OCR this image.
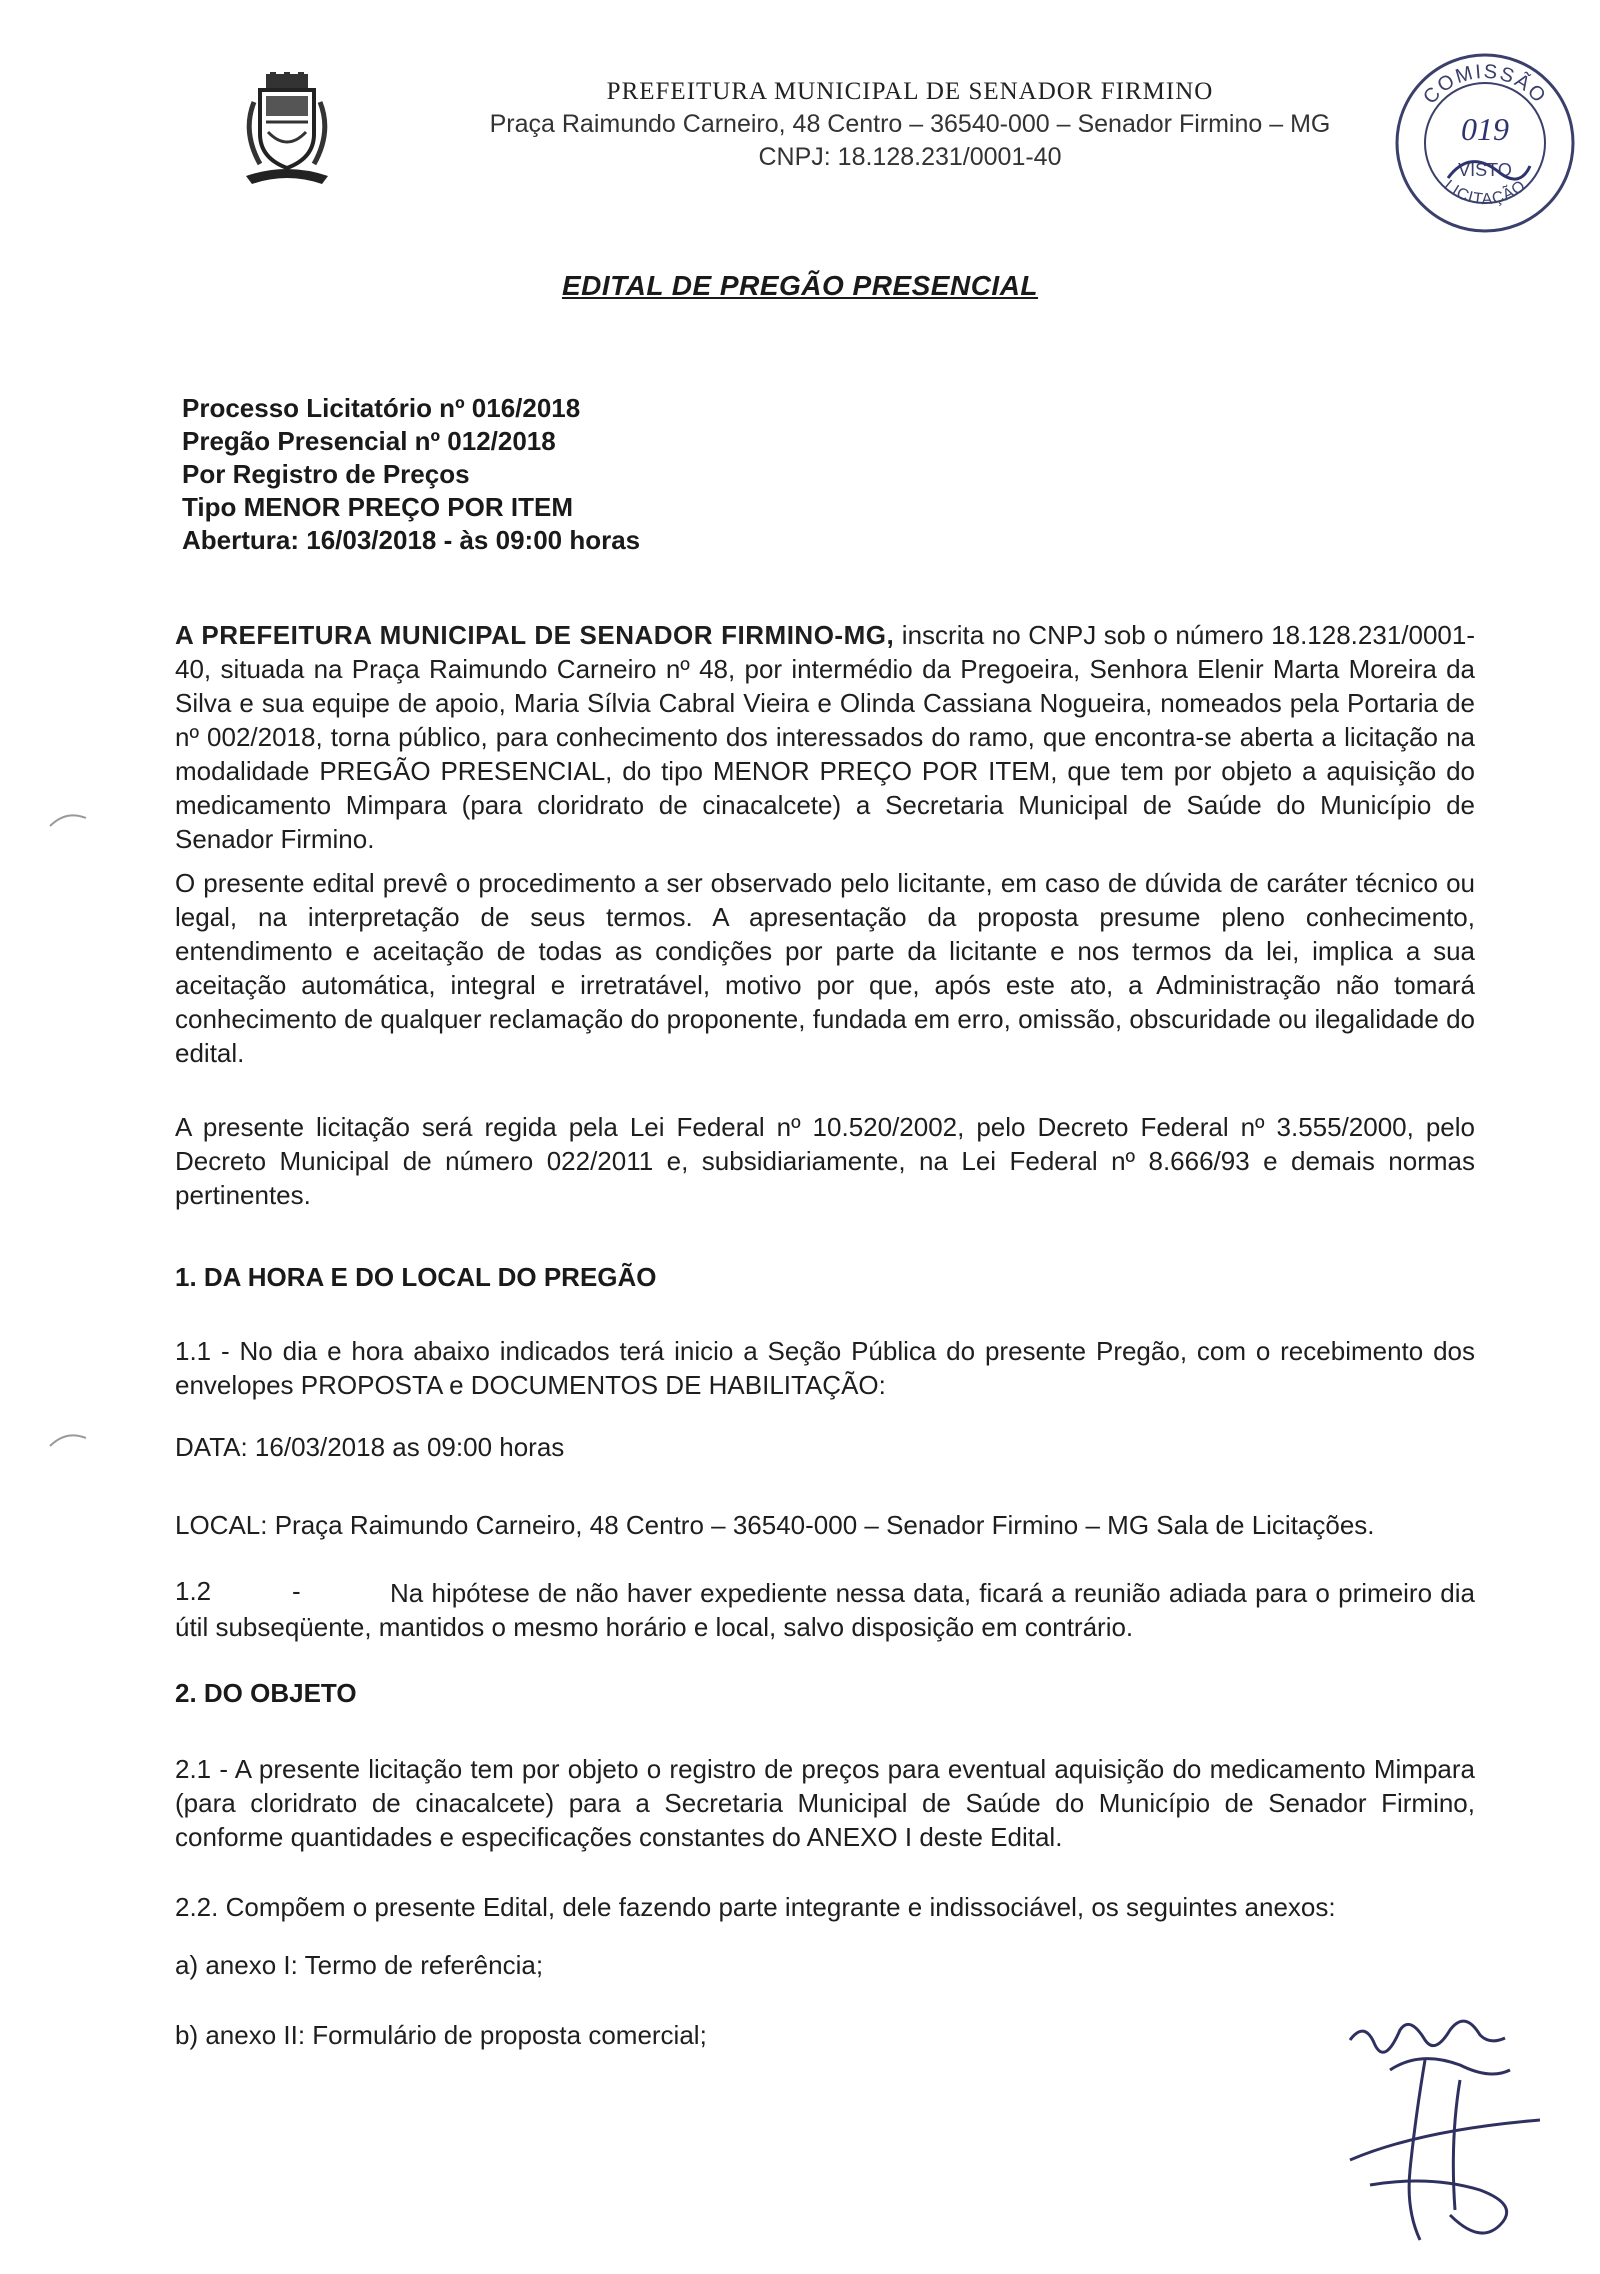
PREFEITURA MUNICIPAL DE SENADOR FIRMINO
Praça Raimundo Carneiro, 48 Centro – 36540-000 – Senador Firmino – MG
CNPJ: 18.128.231/0001-40
COMISSÃO
LICITAÇÃO
019
VISTO
EDITAL DE PREGÃO PRESENCIAL
Processo Licitatório nº 016/2018
Pregão Presencial nº 012/2018
Por Registro de Preços
Tipo MENOR PREÇO POR ITEM
Abertura: 16/03/2018 - às 09:00 horas
A PREFEITURA MUNICIPAL DE SENADOR FIRMINO-MG, inscrita no CNPJ sob o número 18.128.231/0001-40, situada na Praça Raimundo Carneiro nº 48, por intermédio da Pregoeira, Senhora Elenir Marta Moreira da Silva e sua equipe de apoio, Maria Sílvia Cabral Vieira e Olinda Cassiana Nogueira, nomeados pela Portaria de nº 002/2018, torna público, para conhecimento dos interessados do ramo, que encontra-se aberta a licitação na modalidade PREGÃO PRESENCIAL, do tipo MENOR PREÇO POR ITEM, que tem por objeto a aquisição do medicamento Mimpara (para cloridrato de cinacalcete) a Secretaria Municipal de Saúde do Município de Senador Firmino.
O presente edital prevê o procedimento a ser observado pelo licitante, em caso de dúvida de caráter técnico ou legal, na interpretação de seus termos. A apresentação da proposta presume pleno conhecimento, entendimento e aceitação de todas as condições por parte da licitante e nos termos da lei, implica a sua aceitação automática, integral e irretratável, motivo por que, após este ato, a Administração não tomará conhecimento de qualquer reclamação do proponente, fundada em erro, omissão, obscuridade ou ilegalidade do edital.
A presente licitação será regida pela Lei Federal nº 10.520/2002, pelo Decreto Federal nº 3.555/2000, pelo Decreto Municipal de número 022/2011 e, subsidiariamente, na Lei Federal nº 8.666/93 e demais normas pertinentes.
1. DA HORA E DO LOCAL DO PREGÃO
1.1 - No dia e hora abaixo indicados terá inicio a Seção Pública do presente Pregão, com o recebimento dos envelopes PROPOSTA e DOCUMENTOS DE HABILITAÇÃO:
DATA: 16/03/2018 as 09:00 horas
LOCAL: Praça Raimundo Carneiro, 48 Centro – 36540-000 – Senador Firmino – MG Sala de Licitações.
1.2	-	Na hipótese de não haver expediente nessa data, ficará a reunião adiada para o primeiro dia útil subseqüente, mantidos o mesmo horário e local, salvo disposição em contrário.
2. DO OBJETO
2.1 - A presente licitação tem por objeto o registro de preços para eventual aquisição do medicamento Mimpara (para cloridrato de cinacalcete) para a Secretaria Municipal de Saúde do Município de Senador Firmino, conforme quantidades e especificações constantes do ANEXO I deste Edital.
2.2. Compõem o presente Edital, dele fazendo parte integrante e indissociável, os seguintes anexos:
a) anexo I: Termo de referência;
b) anexo II: Formulário de proposta comercial;
